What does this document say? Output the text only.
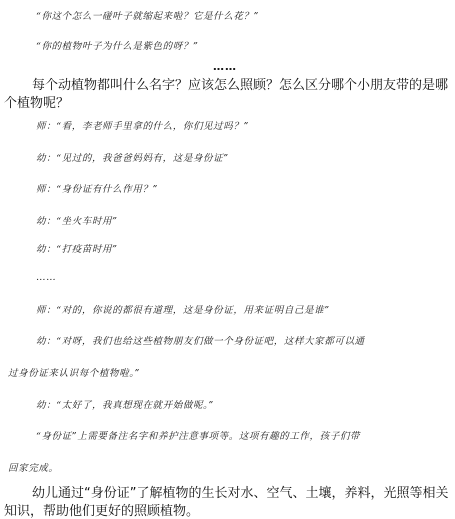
“你这个怎么一碰叶子就缩起来啦？它是什么花？”
“你的植物叶子为什么是紫色的呀？”
……
每个动植物都叫什么名字？应该怎么照顾？怎么区分哪个小朋友带的是哪
个植物呢？
师：“看，李老师手里拿的什么，你们见过吗？”
幼：“见过的，我爸爸妈妈有，这是身份证”
师：“身份证有什么作用？”
幼：“坐火车时用”
幼：“打疫苗时用”
……
师：“对的，你说的都很有道理，这是身份证，用来证明自己是谁”
幼：“对呀，我们也给这些植物朋友们做一个身份证吧，这样大家都可以通
过身份证来认识每个植物啦。”
幼：“太好了，我真想现在就开始做呢。”
“身份证”上需要备注名字和养护注意事项等。这项有趣的工作，孩子们带
回家完成。
幼儿通过“身份证”了解植物的生长对水、空气、土壤，养料，光照等相关
知识，帮助他们更好的照顾植物。
